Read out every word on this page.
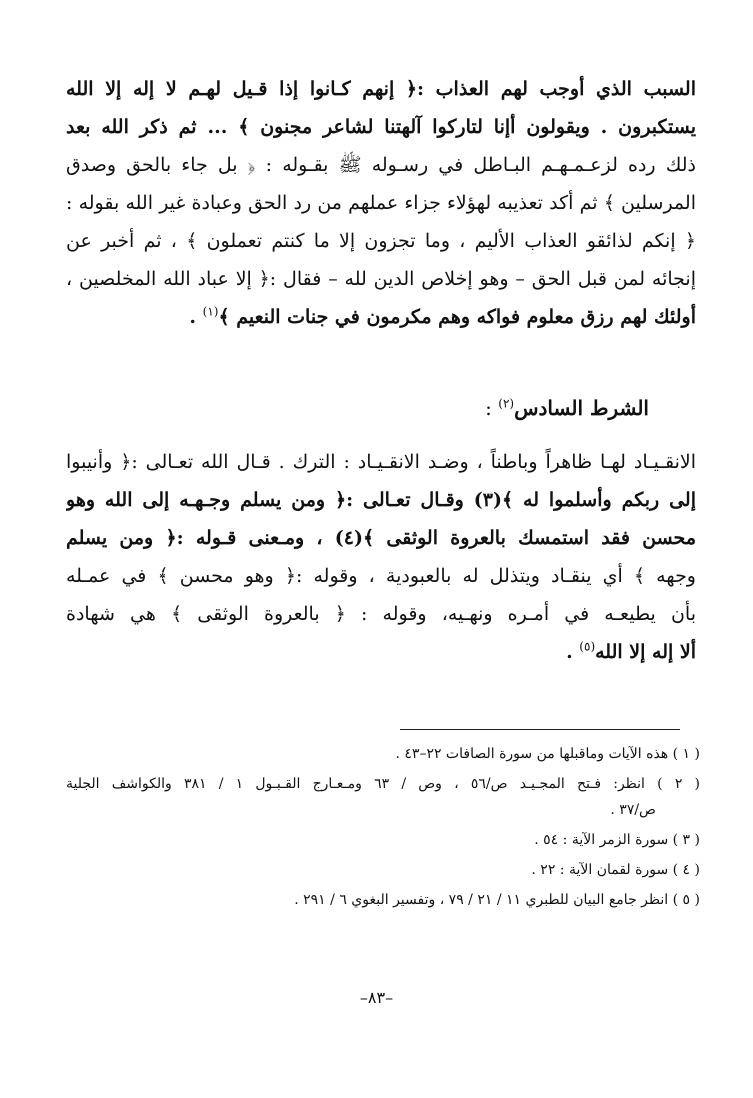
السبب الذي أوجب لهم العذاب :﴿ إنهم كـانوا إذا قـيل لهـم لا إله إلا الله
يستكبرون . ويقولون أإنا لتاركوا آلهتنا لشاعر مجنون ﴾ ... ثم ذكر الله بعد
ذلك رده لزعـمـهـم البـاطل في رسـوله ﷺ بقـوله : ﴿ بل جاء بالحق وصدق
المرسلين ﴾ ثم أكد تعذيبه لهؤلاء جزاء عملهم من رد الحق وعبادة غير الله بقوله :
﴿ إنكم لذائقو العذاب الأليم ، وما تجزون إلا ما كنتم تعملون ﴾ ، ثم أخبر عن
إنجائه لمن قبل الحق – وهو إخلاص الدين لله – فقال :﴿ إلا عباد الله المخلصين ،
أولئك لهم رزق معلوم فواكه وهم مكرمون في جنات النعيم ﴾$^{(١)}$ .
الشرط السادس$^{(٢)}$ :
الانقـيـاد لهـا ظاهراً وباطناً ، وضـد الانقـيـاد : الترك . قـال الله تعـالى :﴿ وأنيبوا
إلى ربكم وأسلموا له ﴾(٣) وقـال تعـالى :﴿ ومن يسلم وجـهـه إلى الله وهو
محسن فقد استمسك بالعروة الوثقى ﴾(٤) ، ومـعنى قـوله :﴿ ومن يسلم
وجهه ﴾ أي ينقـاد ويتذلل له بالعبودية ، وقوله :﴿ وهو محسن ﴾ في عمـله
بأن يطيعـه في أمـره ونهـيه، وقوله : ﴿ بالعروة الوثقى ﴾ هي شهادة
ألا إله إلا الله$^{(٥)}$ .
( ١ ) هذه الآيات وماقبلها من سورة الصافات ٢٢–٤٣ .
( ٢ ) انظر: فـتح المجـيـد ص/٥٦ ، وص / ٦٣ ومـعـارج القـبـول ١ / ٣٨١ والكواشف الجلية
ص/٣٧ .
( ٣ ) سورة الزمر الآية : ٥٤ .
( ٤ ) سورة لقمان الآية : ٢٢ .
( ٥ ) انظر جامع البيان للطبري ١١ / ٢١ / ٧٩ ، وتفسير البغوي ٦ / ٢٩١ .
–٨٣–
